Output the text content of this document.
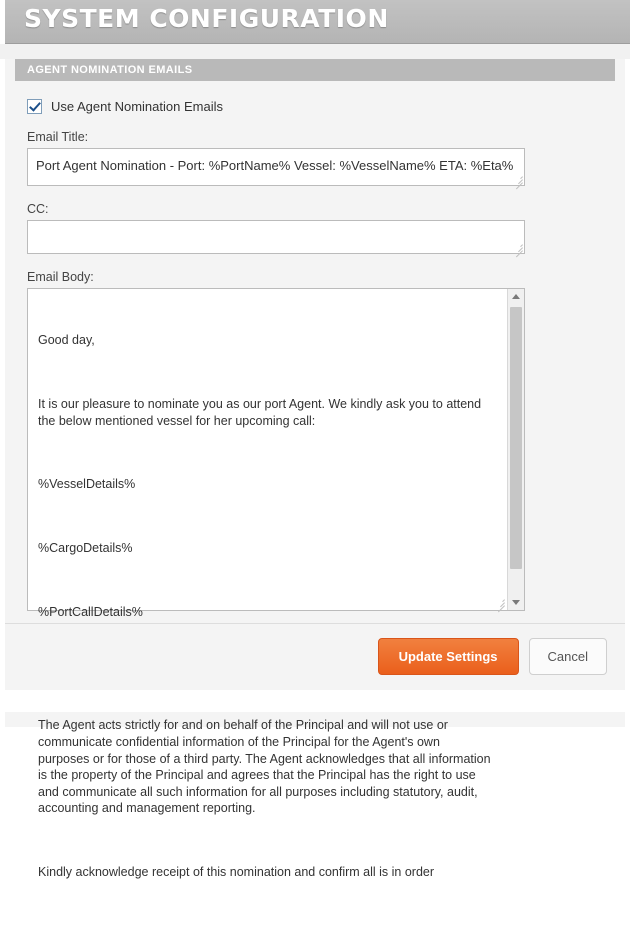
SYSTEM CONFIGURATION
AGENT NOMINATION EMAILS
Use Agent Nomination Emails
Email Title:
Port Agent Nomination - Port: %PortName% Vessel: %VesselName% ETA: %Eta%
CC:
Email Body:

Good day,

It is our pleasure to nominate you as our port Agent. We kindly ask you to attend the below mentioned vessel for her upcoming call:

%VesselDetails%

%CargoDetails%

%PortCallDetails%

The Agent acts strictly for and on behalf of the Principal and will not use or communicate confidential information of the Principal for the Agent's own purposes or for those of a third party. The Agent acknowledges that all information is the property of the Principal and agrees that the Principal has the right to use and communicate all such information for all purposes including statutory, audit, accounting and management reporting.

Kindly acknowledge receipt of this nomination and confirm all is in order

Update Settings	Cancel
